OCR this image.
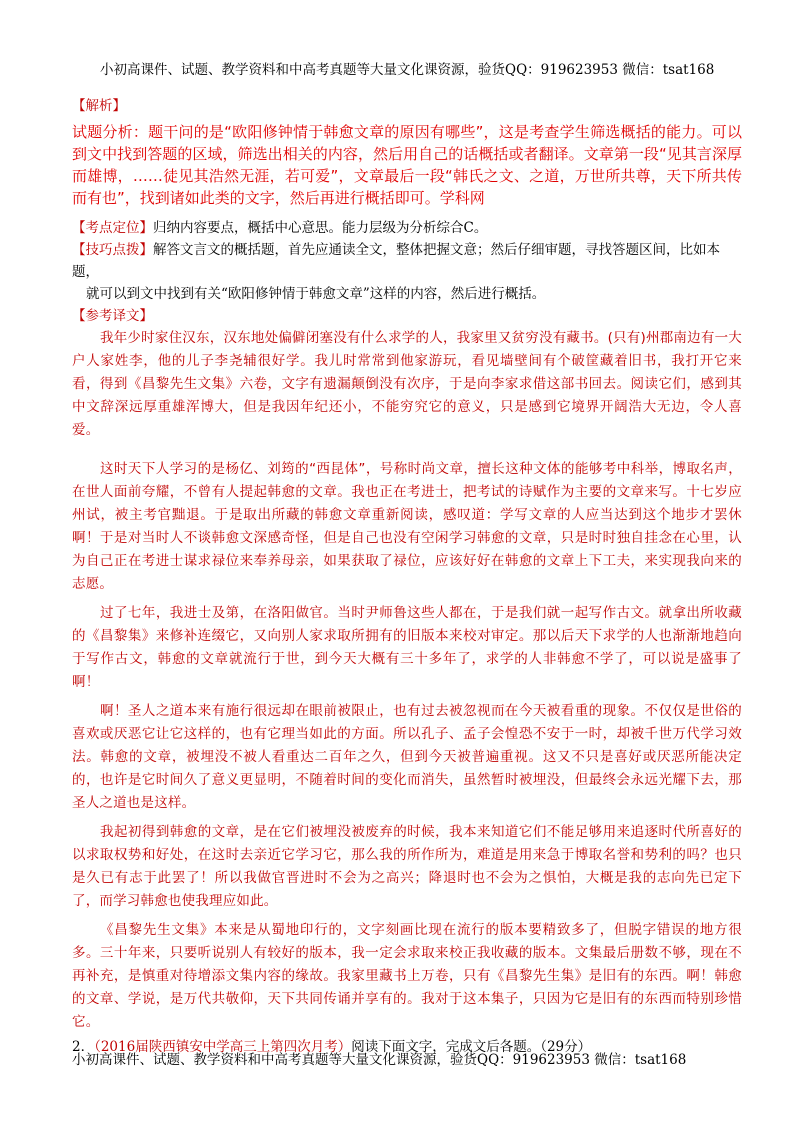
小初高课件、试题、教学资料和中高考真题等大量文化课资源，验货QQ：919623953 微信：tsat168
【解析】
试题分析：题干问的是“欧阳修钟情于韩愈文章的原因有哪些”，这是考查学生筛选概括的能力。可以到文中找到答题的区域，筛选出相关的内容，然后用自己的话概括或者翻译。文章第一段“见其言深厚而雄博，……徒见其浩然无涯，若可爱”，文章最后一段“韩氏之文、之道，万世所共尊，天下所共传而有也”，找到诸如此类的文字，然后再进行概括即可。学科网
【考点定位】归纳内容要点，概括中心意思。能力层级为分析综合C。
【技巧点拨】解答文言文的概括题，首先应通读全文，整体把握文意；然后仔细审题，寻找答题区间，比如本题，
就可以到文中找到有关“欧阳修钟情于韩愈文章”这样的内容，然后进行概括。
【参考译文】

我年少时家住汉东，汉东地处偏僻闭塞没有什么求学的人，我家里又贫穷没有藏书。(只有)州郡南边有一大户人家姓李，他的儿子李尧辅很好学。我儿时常常到他家游玩，看见墙壁间有个破筐藏着旧书，我打开它来看，得到《昌黎先生文集》六卷，文字有遗漏颠倒没有次序，于是向李家求借这部书回去。阅读它们，感到其中文辞深远厚重雄浑博大，但是我因年纪还小，不能穷究它的意义，只是感到它境界开阔浩大无边，令人喜爱。

这时天下人学习的是杨亿、刘筠的“西昆体”，号称时尚文章，擅长这种文体的能够考中科举，博取名声，在世人面前夸耀，不曾有人提起韩愈的文章。我也正在考进士，把考试的诗赋作为主要的文章来写。十七岁应州试，被主考官黜退。于是取出所藏的韩愈文章重新阅读，感叹道：学写文章的人应当达到这个地步才罢休啊！于是对当时人不谈韩愈文深感奇怪，但是自己也没有空闲学习韩愈的文章，只是时时独自挂念在心里，认为自己正在考进士谋求禄位来奉养母亲，如果获取了禄位，应该好好在韩愈的文章上下工夫，来实现我向来的志愿。

过了七年，我进士及第，在洛阳做官。当时尹师鲁这些人都在，于是我们就一起写作古文。就拿出所收藏的《昌黎集》来修补连缀它，又向别人家求取所拥有的旧版本来校对审定。那以后天下求学的人也渐渐地趋向于写作古文，韩愈的文章就流行于世，到今天大概有三十多年了，求学的人非韩愈不学了，可以说是盛事了啊！

啊！圣人之道本来有施行很远却在眼前被限止，也有过去被忽视而在今天被看重的现象。不仅仅是世俗的喜欢或厌恶它让它这样的，也有它理当如此的方面。所以孔子、孟子会惶恐不安于一时，却被千世万代学习效法。韩愈的文章，被埋没不被人看重达二百年之久，但到今天被普遍重视。这又不只是喜好或厌恶所能决定的，也许是它时间久了意义更显明，不随着时间的变化而消失，虽然暂时被埋没，但最终会永远光耀下去，那圣人之道也是这样。

我起初得到韩愈的文章，是在它们被埋没被废弃的时候，我本来知道它们不能足够用来追逐时代所喜好的以求取权势和好处，在这时去亲近它学习它，那么我的所作所为，难道是用来急于博取名誉和势利的吗？也只是久已有志于此罢了！所以我做官晋进时不会为之高兴；降退时也不会为之惧怕，大概是我的志向先已定下了，而学习韩愈也使我理应如此。

《昌黎先生文集》本来是从蜀地印行的，文字刻画比现在流行的版本要精致多了，但脱字错误的地方很多。三十年来，只要听说别人有较好的版本，我一定会求取来校正我收藏的版本。文集最后册数不够，现在不再补充，是慎重对待增添文集内容的缘故。我家里藏书上万卷，只有《昌黎先生集》是旧有的东西。啊！韩愈的文章、学说，是万代共敬仰，天下共同传诵并享有的。我对于这本集子，只因为它是旧有的东西而特别珍惜它。

2．（2016届陕西镇安中学高三上第四次月考）阅读下面文字，完成文后各题。（29分）
小初高课件、试题、教学资料和中高考真题等大量文化课资源，验货QQ：919623953 微信：tsat168
